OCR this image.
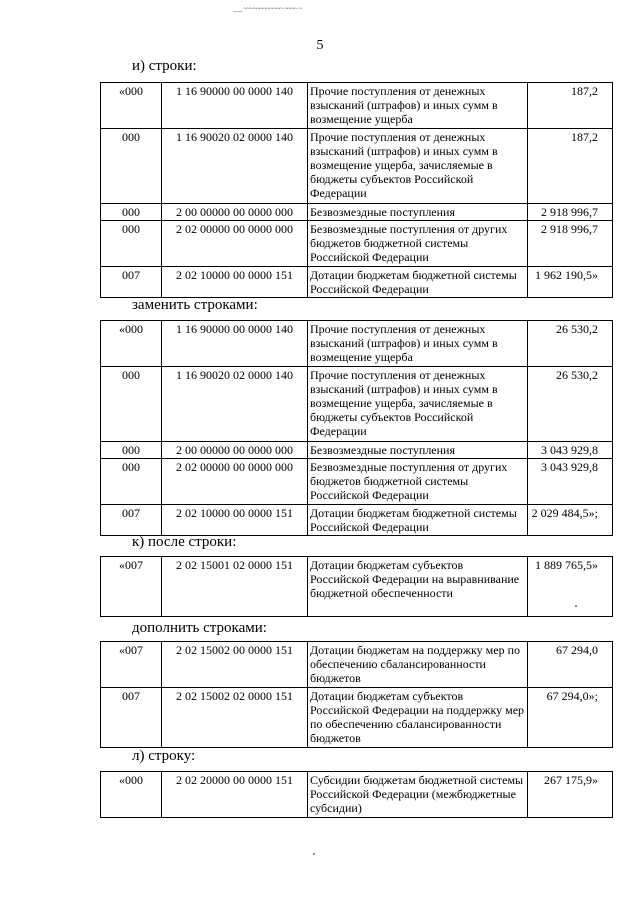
___ ~~~~~~~~~~~~ ~~~~ ~
5
и) строки:
«000	1 16 90000 00 0000 140	Прочие поступления от денежных взысканий (штрафов) и иных сумм в возмещение ущерба	187,2
000	1 16 90020 02 0000 140	Прочие поступления от денежных взысканий (штрафов) и иных сумм в возмещение ущерба, зачисляемые в бюджеты субъектов Российской Федерации	187,2
000	2 00 00000 00 0000 000	Безвозмездные поступления	2 918 996,7
000	2 02 00000 00 0000 000	Безвозмездные поступления от других бюджетов бюджетной системы Российской Федерации	2 918 996,7
007	2 02 10000 00 0000 151	Дотации бюджетам бюджетной системы Российской Федерации	1 962 190,5»
заменить строками:
«000	1 16 90000 00 0000 140	Прочие поступления от денежных взысканий (штрафов) и иных сумм в возмещение ущерба	26 530,2
000	1 16 90020 02 0000 140	Прочие поступления от денежных взысканий (штрафов) и иных сумм в возмещение ущерба, зачисляемые в бюджеты субъектов Российской Федерации	26 530,2
000	2 00 00000 00 0000 000	Безвозмездные поступления	3 043 929,8
000	2 02 00000 00 0000 000	Безвозмездные поступления от других бюджетов бюджетной системы Российской Федерации	3 043 929,8
007	2 02 10000 00 0000 151	Дотации бюджетам бюджетной системы Российской Федерации	2 029 484,5»;
к) после строки:
«007	2 02 15001 02 0000 151	Дотации бюджетам субъектов Российской Федерации на выравнивание бюджетной обеспеченности	1 889 765,5»
дополнить строками:
«007	2 02 15002 00 0000 151	Дотации бюджетам на поддержку мер по обеспечению сбалансированности бюджетов	67 294,0
007	2 02 15002 02 0000 151	Дотации бюджетам субъектов Российской Федерации на поддержку мер по обеспечению сбалансированности бюджетов	67 294,0»;
л) строку:
«000	2 02 20000 00 0000 151	Субсидии бюджетам бюджетной системы Российской Федерации (межбюджетные субсидии)	267 175,9»
